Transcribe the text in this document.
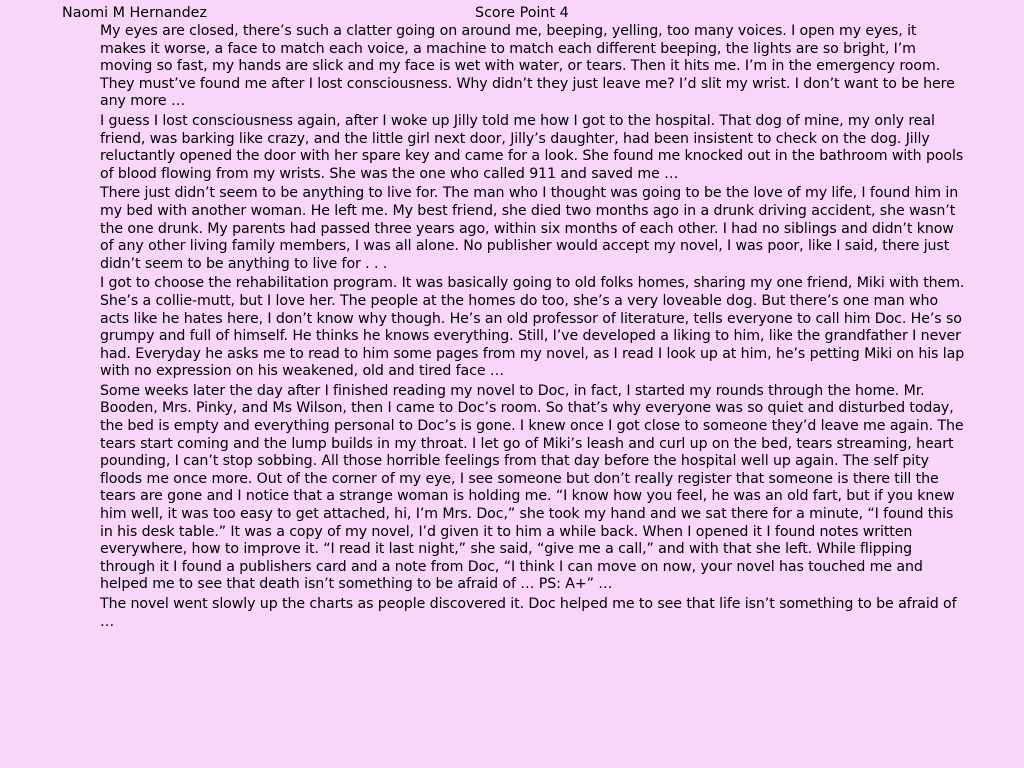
Naomi M Hernandez	Score Point 4

My eyes are closed, there’s such a clatter going on around me, beeping, yelling, too many voices. I open my eyes, it makes it worse, a face to match each voice, a machine to match each different beeping, the lights are so bright, I’m moving so fast, my hands are slick and my face is wet with water, or tears. Then it hits me. I’m in the emergency room. They must’ve found me after I lost consciousness. Why didn’t they just leave me? I’d slit my wrist. I don’t want to be here any more …

I guess I lost consciousness again, after I woke up Jilly told me how I got to the hospital. That dog of mine, my only real friend, was barking like crazy, and the little girl next door, Jilly’s daughter, had been insistent to check on the dog. Jilly reluctantly opened the door with her spare key and came for a look. She found me knocked out in the bathroom with pools of blood flowing from my wrists. She was the one who called 911 and saved me …

There just didn’t seem to be anything to live for. The man who I thought was going to be the love of my life, I found him in my bed with another woman. He left me. My best friend, she died two months ago in a drunk driving accident, she wasn’t the one drunk. My parents had passed three years ago, within six months of each other. I had no siblings and didn’t know of any other living family members, I was all alone. No publisher would accept my novel, I was poor, like I said, there just didn’t seem to be anything to live for . . .

I got to choose the rehabilitation program. It was basically going to old folks homes, sharing my one friend, Miki with them. She’s a collie-mutt, but I love her. The people at the homes do too, she’s a very loveable dog. But there’s one man who acts like he hates here, I don’t know why though. He’s an old professor of literature, tells everyone to call him Doc. He’s so grumpy and full of himself. He thinks he knows everything. Still, I’ve developed a liking to him, like the grandfather I never had. Everyday he asks me to read to him some pages from my novel, as I read I look up at him, he’s petting Miki on his lap with no expression on his weakened, old and tired face …

Some weeks later the day after I finished reading my novel to Doc, in fact, I started my rounds through the home. Mr. Booden, Mrs. Pinky, and Ms Wilson, then I came to Doc’s room. So that’s why everyone was so quiet and disturbed today, the bed is empty and everything personal to Doc’s is gone. I knew once I got close to someone they’d leave me again. The tears start coming and the lump builds in my throat. I let go of Miki’s leash and curl up on the bed, tears streaming, heart pounding, I can’t stop sobbing. All those horrible feelings from that day before the hospital well up again. The self pity floods me once more. Out of the corner of my eye, I see someone but don’t really register that someone is there till the tears are gone and I notice that a strange woman is holding me. “I know how you feel, he was an old fart, but if you knew him well, it was too easy to get attached, hi, I’m Mrs. Doc,” she took my hand and we sat there for a minute, “I found this in his desk table.” It was a copy of my novel, I’d given it to him a while back. When I opened it I found notes written everywhere, how to improve it. “I read it last night,” she said, “give me a call,” and with that she left. While flipping through it I found a publishers card and a note from Doc, “I think I can move on now, your novel has touched me and helped me to see that death isn’t something to be afraid of … PS: A+” …

The novel went slowly up the charts as people discovered it. Doc helped me to see that life isn’t something to be afraid of …
